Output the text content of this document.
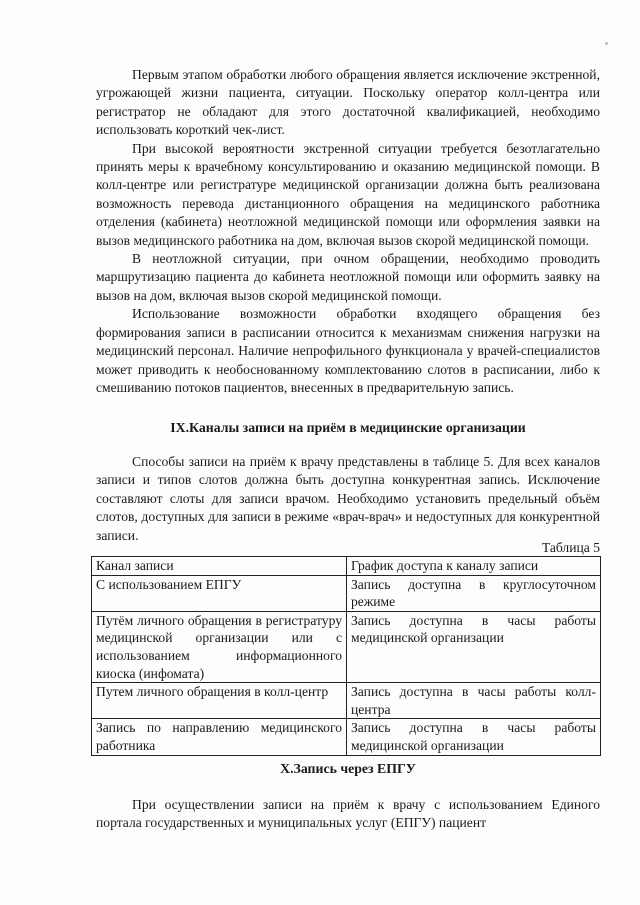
Первым этапом обработки любого обращения является исключение экстренной, угрожающей жизни пациента, ситуации. Поскольку оператор колл-центра или регистратор не обладают для этого достаточной квалификацией, необходимо использовать короткий чек-лист.

При высокой вероятности экстренной ситуации требуется безотлагательно принять меры к врачебному консультированию и оказанию медицинской помощи. В колл-центре или регистратуре медицинской организации должна быть реализована возможность перевода дистанционного обращения на медицинского работника отделения (кабинета) неотложной медицинской помощи или оформления заявки на вызов медицинского работника на дом, включая вызов скорой медицинской помощи.

В неотложной ситуации, при очном обращении, необходимо проводить маршрутизацию пациента до кабинета неотложной помощи или оформить заявку на вызов на дом, включая вызов скорой медицинской помощи.

Использование возможности обработки входящего обращения без формирования записи в расписании относится к механизмам снижения нагрузки на медицинский персонал. Наличие непрофильного функционала у врачей-специалистов может приводить к необоснованному комплектованию слотов в расписании, либо к смешиванию потоков пациентов, внесенных в предварительную запись.

IX.Каналы записи на приём в медицинские организации

Способы записи на приём к врачу представлены в таблице 5. Для всех каналов записи и типов слотов должна быть доступна конкурентная запись. Исключение составляют слоты для записи врачом. Необходимо установить предельный объём слотов, доступных для записи в режиме «врач-врач» и недоступных для конкурентной записи.

Таблица 5
Канал записи	График доступа к каналу записи
С использованием ЕПГУ	Запись доступна в круглосуточном режиме
Путём личного обращения в регистратуру медицинской организации или с использованием информационного киоска (инфомата)	Запись доступна в часы работы медицинской организации
Путем личного обращения в колл-центр	Запись доступна в часы работы колл-центра
Запись по направлению медицинского работника	Запись доступна в часы работы медицинской организации
X.Запись через ЕПГУ

При осуществлении записи на приём к врачу с использованием Единого портала государственных и муниципальных услуг (ЕПГУ) пациент
